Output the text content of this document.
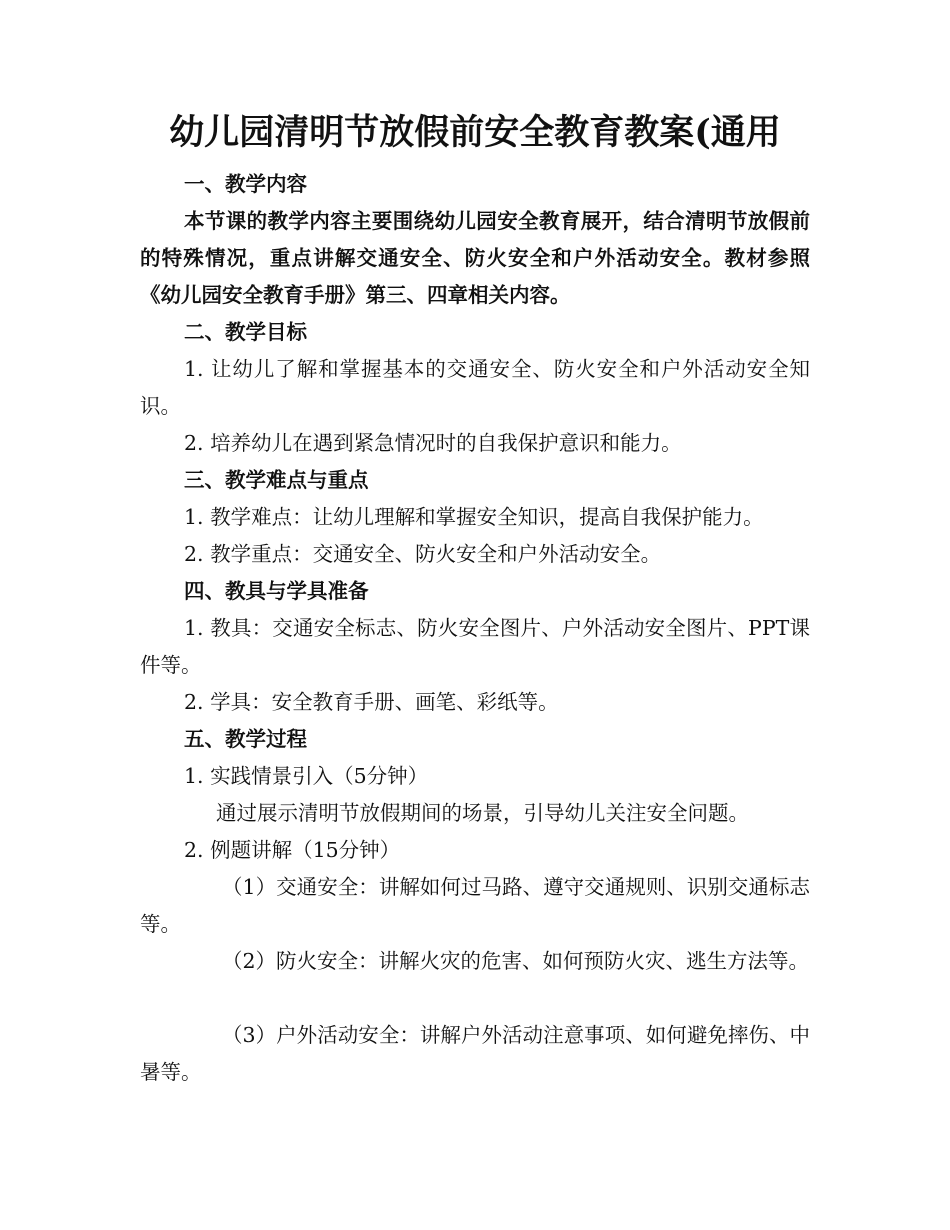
幼儿园清明节放假前安全教育教案(通用

一、教学内容

本节课的教学内容主要围绕幼儿园安全教育展开，结合清明节放假前的特殊情况，重点讲解交通安全、防火安全和户外活动安全。教材参照《幼儿园安全教育手册》第三、四章相关内容。

二、教学目标

1. 让幼儿了解和掌握基本的交通安全、防火安全和户外活动安全知识。

2. 培养幼儿在遇到紧急情况时的自我保护意识和能力。

三、教学难点与重点

1. 教学难点：让幼儿理解和掌握安全知识，提高自我保护能力。

2. 教学重点：交通安全、防火安全和户外活动安全。

四、教具与学具准备

1. 教具：交通安全标志、防火安全图片、户外活动安全图片、PPT课件等。

2. 学具：安全教育手册、画笔、彩纸等。

五、教学过程

1. 实践情景引入（5分钟）

通过展示清明节放假期间的场景，引导幼儿关注安全问题。

2. 例题讲解（15分钟）

（1）交通安全：讲解如何过马路、遵守交通规则、识别交通标志等。

（2）防火安全：讲解火灾的危害、如何预防火灾、逃生方法等。

（3）户外活动安全：讲解户外活动注意事项、如何避免摔伤、中暑等。
